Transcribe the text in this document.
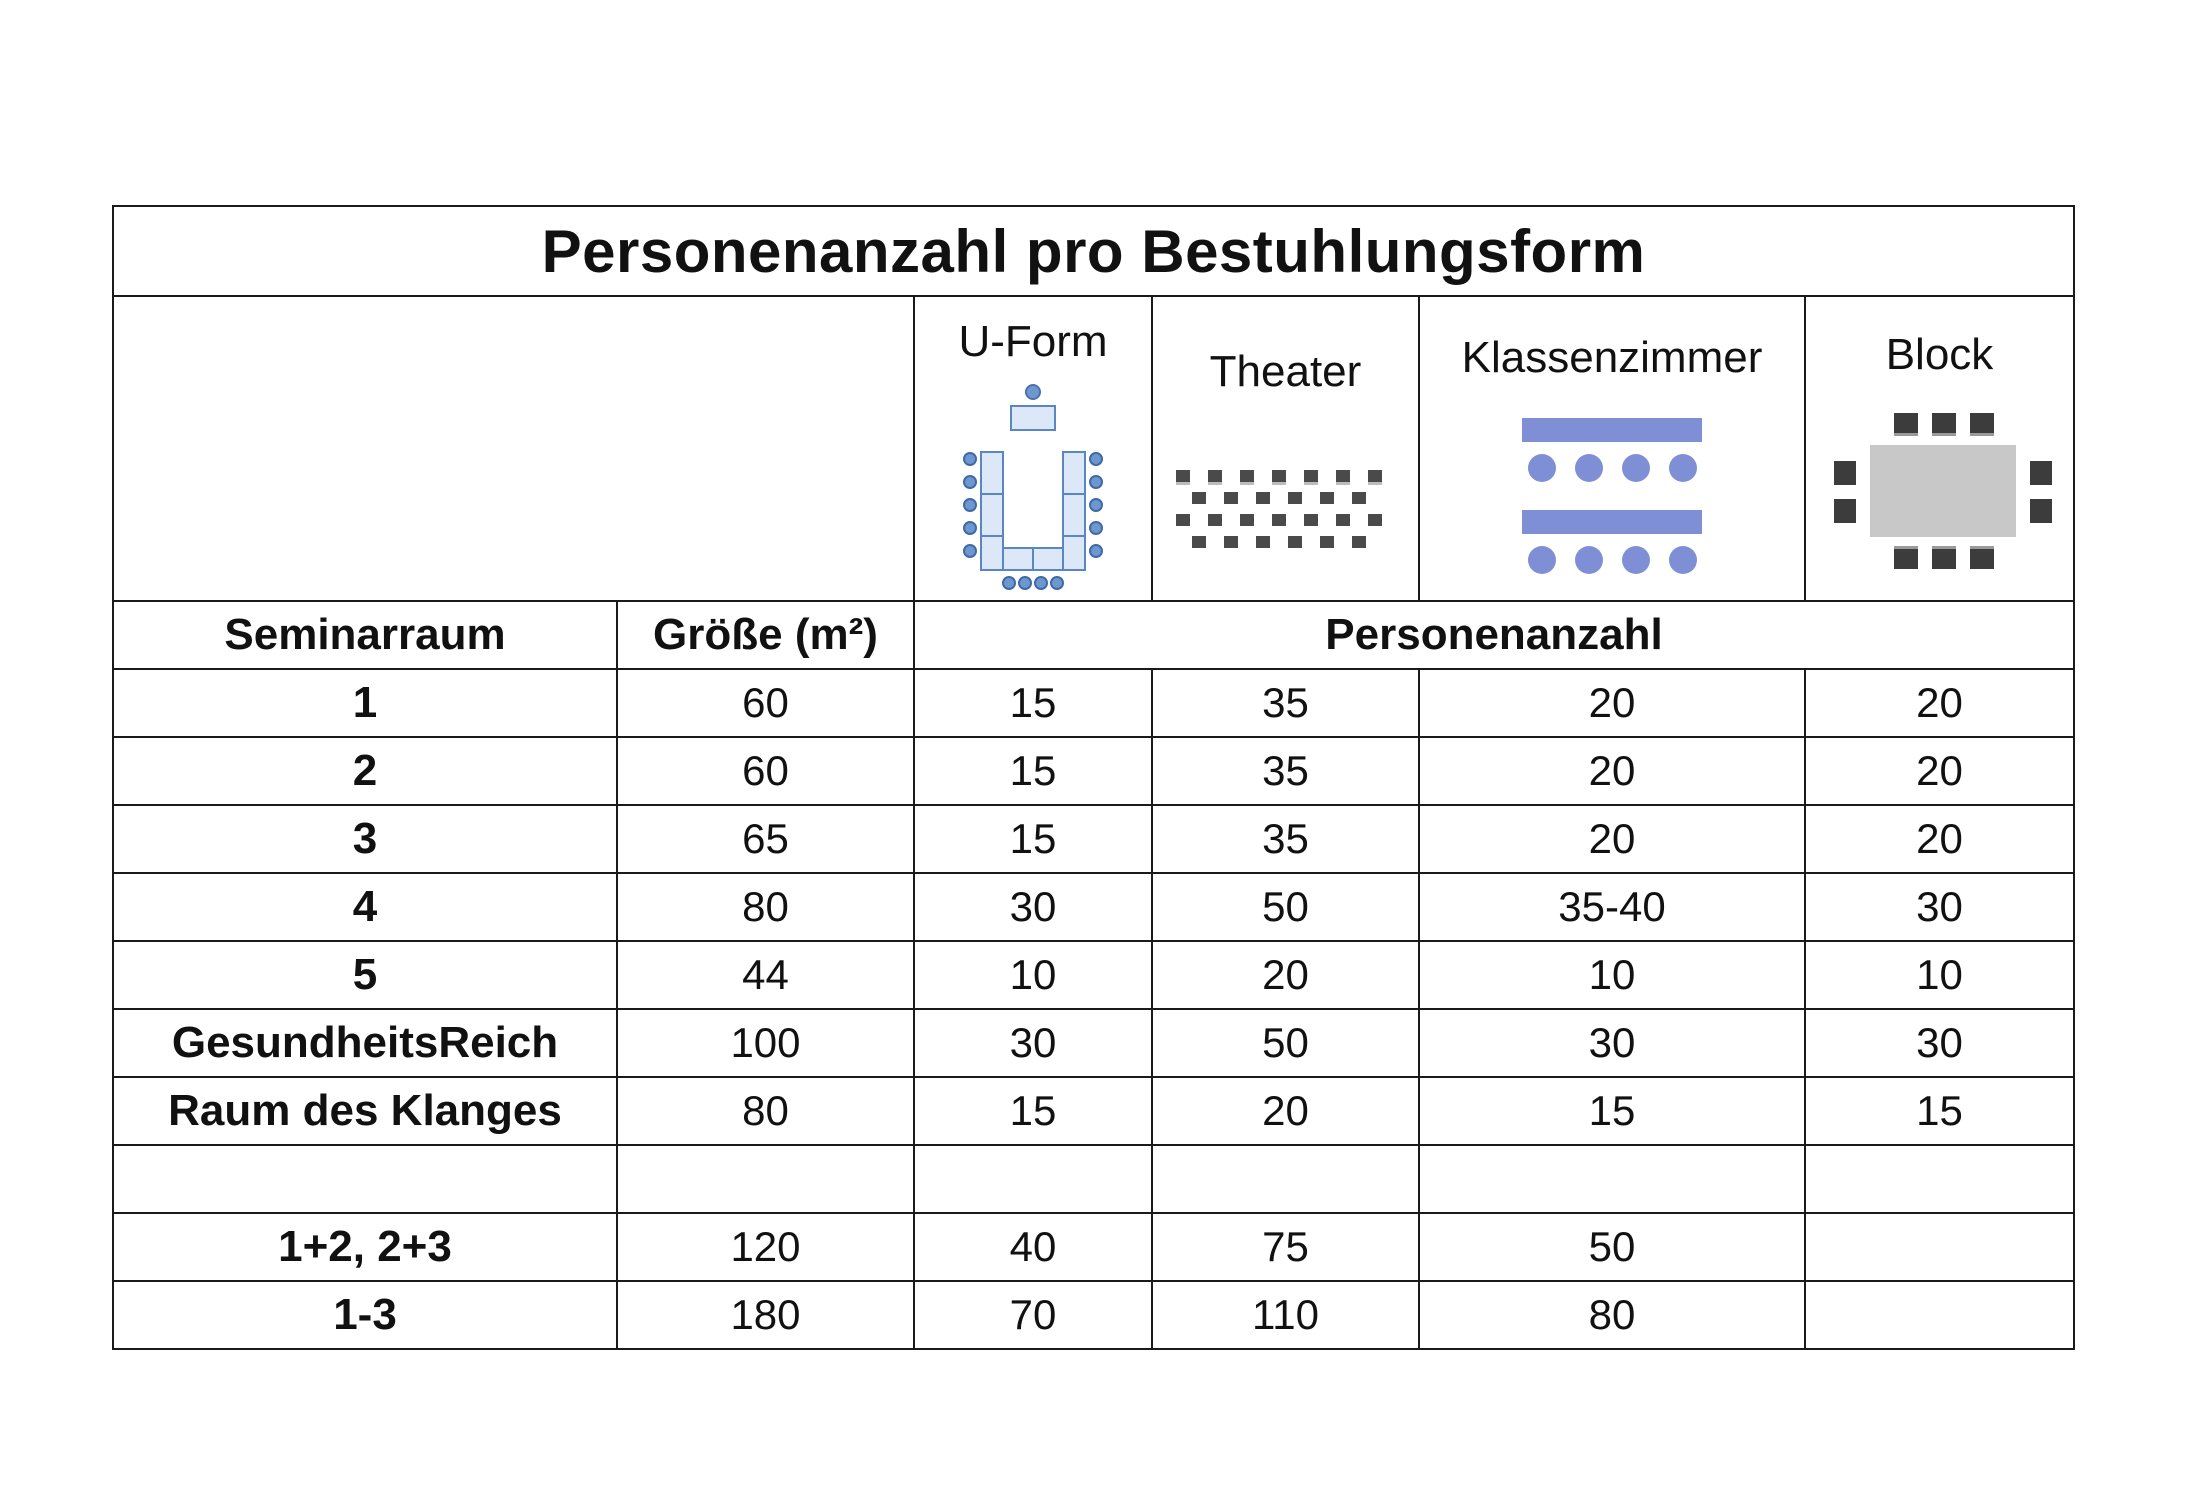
Personenanzahl pro Bestuhlungsform					

		U-Form	Theater	Klassenzimmer	Block

Seminarraum	Größe (m²)	Personenanzahl			
1	60	15	35	20	20
2	60	15	35	20	20
3	65	15	35	20	20
4	80	30	50	35-40	30
5	44	10	20	10	10
GesundheitsReich	100	30	50	30	30
Raum des Klanges	80	15	20	15	15

1+2, 2+3	120	40	75	50	
1-3	180	70	110	80	
